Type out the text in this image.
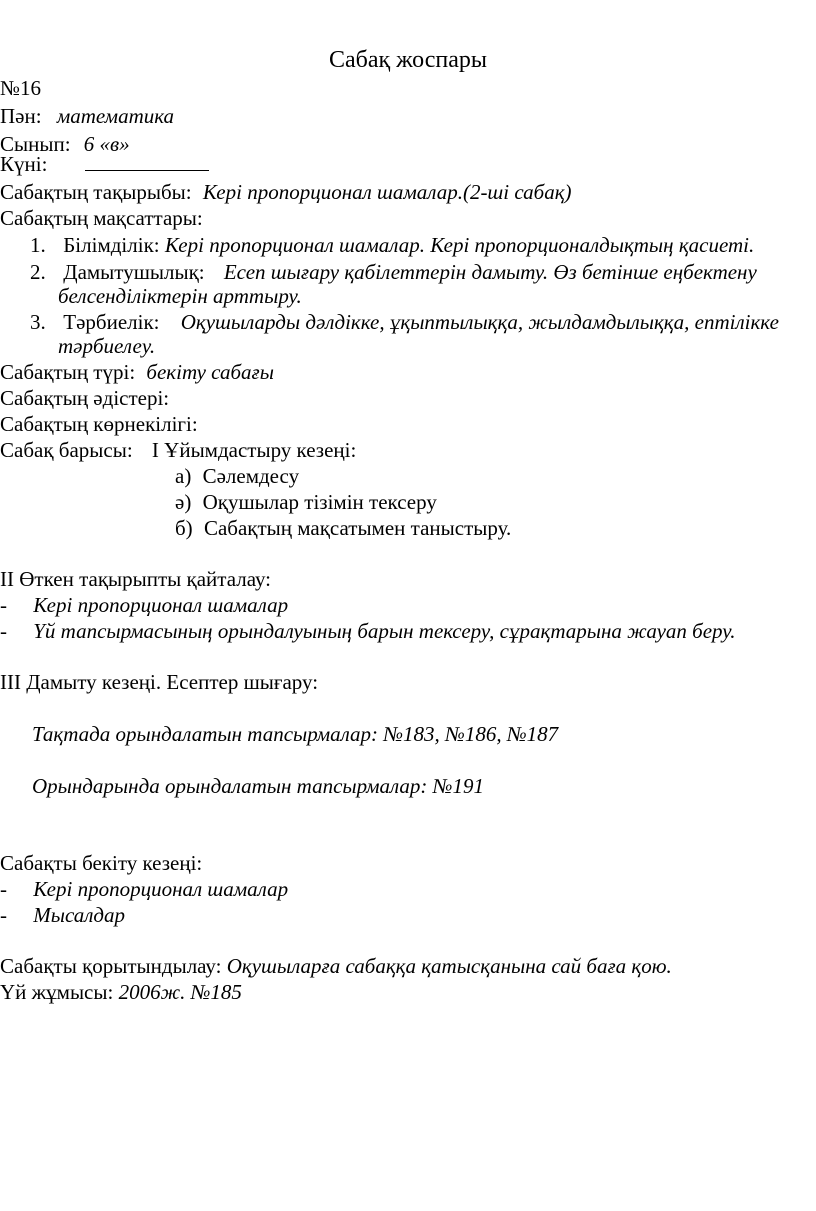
Сабақ жоспары
№16
Пән: математика
Сынып: 6 «в»
Күні:
Сабақтың тақырыбы: Кері пропорционал шамалар.(2-ші сабақ)
Сабақтың мақсаттары:
1. Білімділік: Кері пропорционал шамалар. Кері пропорционалдықтың қасиеті.
2. Дамытушылық: Есеп шығару қабілеттерін дамыту. Өз бетінше еңбектену
белсенділіктерін арттыру.
3. Тәрбиелік: Оқушыларды дәлдікке, ұқыптылыққа, жылдамдылыққа, ептілікке
тәрбиелеу.
Сабақтың түрі: бекіту сабағы
Сабақтың әдістері:
Сабақтың көрнекілігі:
Сабақ барысы: I Ұйымдастыру кезеңі:
а) Сәлемдесу
ә) Оқушылар тізімін тексеру
б) Сабақтың мақсатымен таныстыру.
II Өткен тақырыпты қайталау:
- Кері пропорционал шамалар
- Үй тапсырмасының орындалуының барын тексеру, сұрақтарына жауап беру.
III Дамыту кезеңі. Есептер шығару:
Тақтада орындалатын тапсырмалар: №183, №186, №187
Орындарында орындалатын тапсырмалар: №191
Сабақты бекіту кезеңі:
- Кері пропорционал шамалар
- Мысалдар
Сабақты қорытындылау: Оқушыларға сабаққа қатысқанына сай баға қою.
Үй жұмысы: 2006ж. №185
